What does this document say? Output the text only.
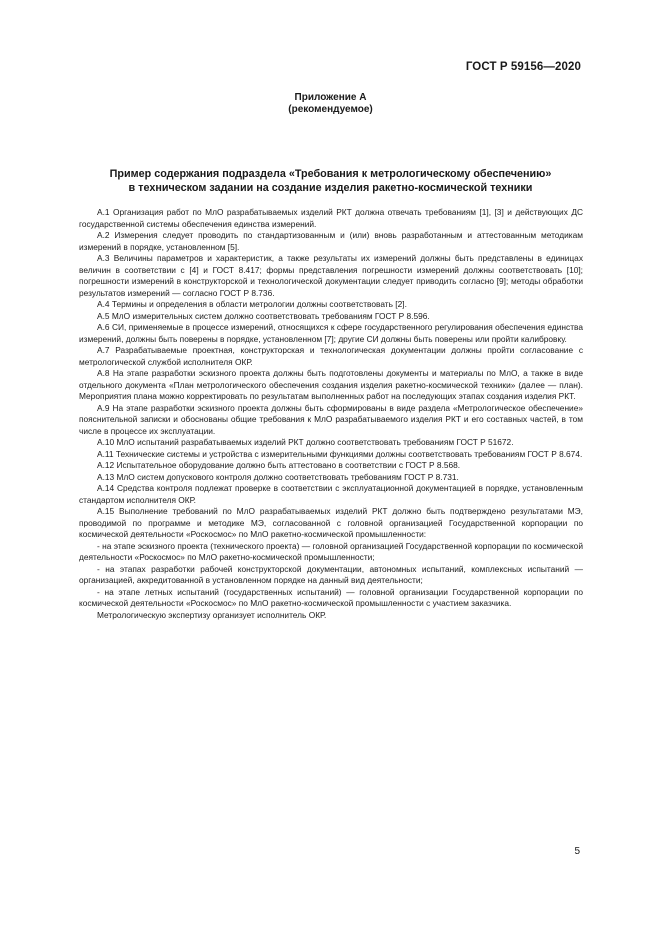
ГОСТ Р 59156—2020
Приложение А
(рекомендуемое)
Пример содержания подраздела «Требования к метрологическому обеспечению»
в техническом задании на создание изделия ракетно-космической техники

А.1 Организация работ по МлО разрабатываемых изделий РКТ должна отвечать требованиям [1], [3] и действующих ДС государственной системы обеспечения единства измерений.

А.2 Измерения следует проводить по стандартизованным и (или) вновь разработанным и аттестованным методикам измерений в порядке, установленном [5].

А.3 Величины параметров и характеристик, а также результаты их измерений должны быть представлены в единицах величин в соответствии с [4] и ГОСТ 8.417; формы представления погрешности измерений должны соответствовать [10]; погрешности измерений в конструкторской и технологической документации следует приводить согласно [9]; методы обработки результатов измерений — согласно ГОСТ Р 8.736.

А.4 Термины и определения в области метрологии должны соответствовать [2].

А.5 МлО измерительных систем должно соответствовать требованиям ГОСТ Р 8.596.

А.6 СИ, применяемые в процессе измерений, относящихся к сфере государственного регулирования обеспечения единства измерений, должны быть поверены в порядке, установленном [7]; другие СИ должны быть поверены или пройти калибровку.

А.7 Разрабатываемые проектная, конструкторская и технологическая документации должны пройти согласование с метрологической службой исполнителя ОКР.

А.8 На этапе разработки эскизного проекта должны быть подготовлены документы и материалы по МлО, а также в виде отдельного документа «План метрологического обеспечения создания изделия ракетно-космической техники» (далее — план). Мероприятия плана можно корректировать по результатам выполненных работ на последующих этапах создания изделия РКТ.

А.9 На этапе разработки эскизного проекта должны быть сформированы в виде раздела «Метрологическое обеспечение» пояснительной записки и обоснованы общие требования к МлО разрабатываемого изделия РКТ и его составных частей, в том числе в процессе их эксплуатации.

А.10 МлО испытаний разрабатываемых изделий РКТ должно соответствовать требованиям ГОСТ Р 51672.

А.11 Технические системы и устройства с измерительными функциями должны соответствовать требованиям ГОСТ Р 8.674.

А.12 Испытательное оборудование должно быть аттестовано в соответствии с ГОСТ Р 8.568.

А.13 МлО систем допускового контроля должно соответствовать требованиям ГОСТ Р 8.731.

А.14 Средства контроля подлежат проверке в соответствии с эксплуатационной документацией в порядке, установленным стандартом исполнителя ОКР.

А.15 Выполнение требований по МлО разрабатываемых изделий РКТ должно быть подтверждено результатами МЭ, проводимой по программе и методике МЭ, согласованной с головной организацией Государственной корпорации по космической деятельности «Роскосмос» по МлО ракетно-космической промышленности:

- на этапе эскизного проекта (технического проекта) — головной организацией Государственной корпорации по космической деятельности «Роскосмос» по МлО ракетно-космической промышленности;

- на этапах разработки рабочей конструкторской документации, автономных испытаний, комплексных испытаний — организацией, аккредитованной в установленном порядке на данный вид деятельности;

- на этапе летных испытаний (государственных испытаний) — головной организации Государственной корпорации по космической деятельности «Роскосмос» по МлО ракетно-космической промышленности с участием заказчика.

Метрологическую экспертизу организует исполнитель ОКР.

5
